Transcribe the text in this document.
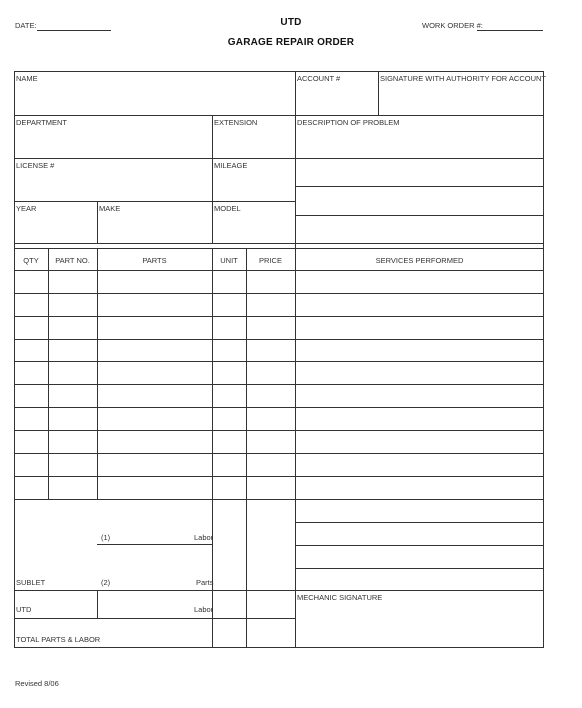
DATE:	UTD
GARAGE REPAIR ORDER
WORK ORDER #:
NAME	ACCOUNT #	SIGNATURE WITH AUTHORITY FOR ACCOUNT
DEPARTMENT	EXTENSION	DESCRIPTION OF PROBLEM
LICENSE #	MILEAGE
YEAR	MAKE	MODEL
QTY	PART NO.	PARTS	UNIT	PRICE	SERVICES PERFORMED
(1)	Labor
SUBLET	(2)	Parts
UTD	Labor
TOTAL PARTS & LABOR
MECHANIC SIGNATURE
Revised 8/06
